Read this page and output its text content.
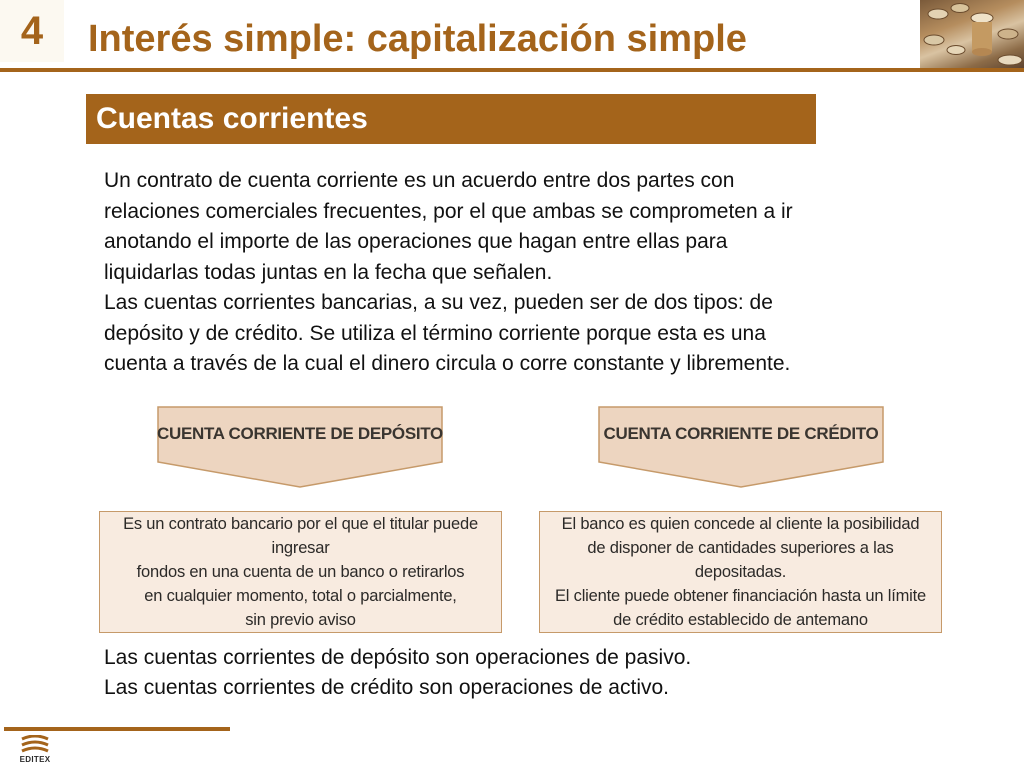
4	Interés simple: capitalización simple
Cuentas corrientes

Un contrato de cuenta corriente es un acuerdo entre dos partes con

relaciones comerciales frecuentes, por el que ambas se comprometen a ir

anotando el importe de las operaciones que hagan entre ellas para

liquidarlas todas juntas en la fecha que señalen.

Las cuentas corrientes bancarias, a su vez, pueden ser de dos tipos: de

depósito y de crédito. Se utiliza el término corriente porque esta es una

cuenta a través de la cual el dinero circula o corre constante y libremente.

CUENTA CORRIENTE DE DEPÓSITO	CUENTA CORRIENTE DE CRÉDITO
Es un contrato bancario por el que el titular puede ingresar
fondos en una cuenta de un banco o retirarlos
en cualquier momento, total o parcialmente,
sin previo aviso
El banco es quien concede al cliente la posibilidad
de disponer de cantidades superiores a las depositadas.
El cliente puede obtener financiación hasta un límite
de crédito establecido de antemano
Las cuentas corrientes de depósito son operaciones de pasivo.
Las cuentas corrientes de crédito son operaciones de activo.
EDITEX
